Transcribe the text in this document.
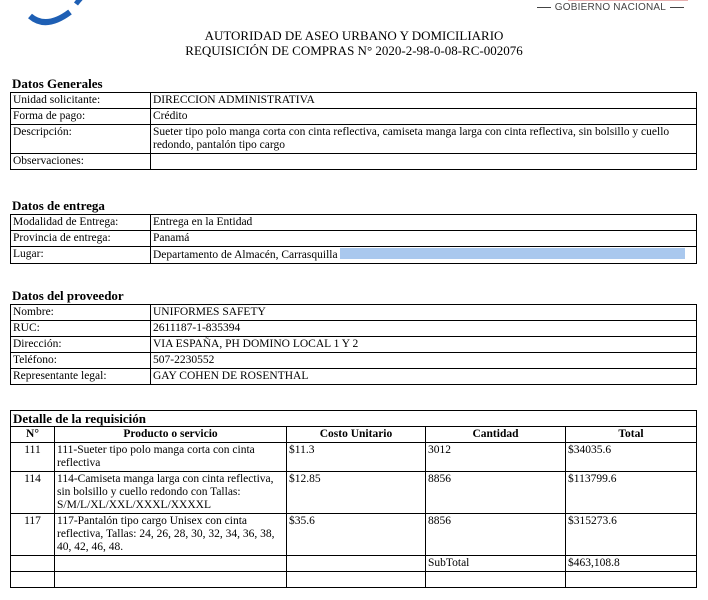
GOBIERNO NACIONAL
AUTORIDAD DE ASEO URBANO Y DOMICILIARIO
REQUISICIÓN DE COMPRAS N° 2020-2-98-0-08-RC-002076
Datos Generales
Unidad solicitante:	DIRECCION ADMINISTRATIVA
Forma de pago:	Crédito
Descripción:	Sueter tipo polo manga corta con cinta reflectiva, camiseta manga larga con cinta reflectiva, sin bolsillo y cuello redondo, pantalón tipo cargo
Observaciones:	
Datos de entrega
Modalidad de Entrega:	Entrega en la Entidad
Provincia de entrega:	Panamá
Lugar:	Departamento de Almacén, Carrasquilla
Datos del proveedor
Nombre:	UNIFORMES SAFETY
RUC:	2611187-1-835394
Dirección:	VIA ESPAÑA, PH DOMINO LOCAL 1 Y 2
Teléfono:	507-2230552
Representante legal:	GAY COHEN DE ROSENTHAL
Detalle de la requisición				
N°	Producto o servicio	Costo Unitario	Cantidad	Total
111	111-Sueter tipo polo manga corta con cinta reflectiva	$11.3	3012	$34035.6
114	114-Camiseta manga larga con cinta reflectiva, sin bolsillo y cuello redondo con Tallas: S/M/L/XL/XXL/XXXL/XXXXL	$12.85	8856	$113799.6
117	117-Pantalón tipo cargo Unisex con cinta reflectiva, Tallas: 24, 26, 28, 30, 32, 34, 36, 38, 40, 42, 46, 48.	$35.6	8856	$315273.6
			SubTotal	$463,108.8
